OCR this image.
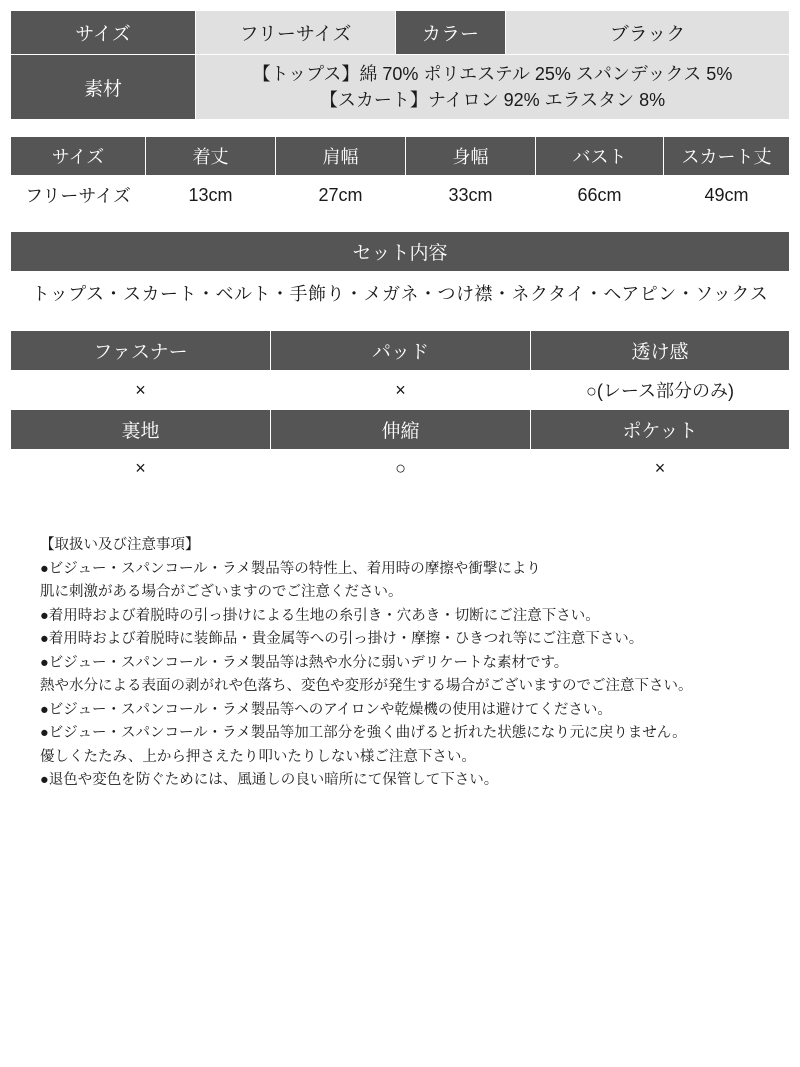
サイズ	フリーサイズ	カラー	ブラック
素材	【トップス】綿 70% ポリエステル 25% スパンデックス 5%
【スカート】ナイロン 92% エラスタン 8%		
サイズ	着丈	肩幅	身幅	バスト	スカート丈
フリーサイズ	13cm	27cm	33cm	66cm	49cm
セット内容
トップス・スカート・ベルト・手飾り・メガネ・つけ襟・ネクタイ・ヘアピン・ソックス
ファスナー	パッド	透け感
×	×	○(レース部分のみ)
裏地	伸縮	ポケット
×	○	×
【取扱い及び注意事項】
●ビジュー・スパンコール・ラメ製品等の特性上、着用時の摩擦や衝撃により
肌に刺激がある場合がございますのでご注意ください。
●着用時および着脱時の引っ掛けによる生地の糸引き・穴あき・切断にご注意下さい。
●着用時および着脱時に装飾品・貴金属等への引っ掛け・摩擦・ひきつれ等にご注意下さい。
●ビジュー・スパンコール・ラメ製品等は熱や水分に弱いデリケートな素材です。
熱や水分による表面の剥がれや色落ち、変色や変形が発生する場合がございますのでご注意下さい。
●ビジュー・スパンコール・ラメ製品等へのアイロンや乾燥機の使用は避けてください。
●ビジュー・スパンコール・ラメ製品等加工部分を強く曲げると折れた状態になり元に戻りません。
優しくたたみ、上から押さえたり叩いたりしない様ご注意下さい。
●退色や変色を防ぐためには、風通しの良い暗所にて保管して下さい。
